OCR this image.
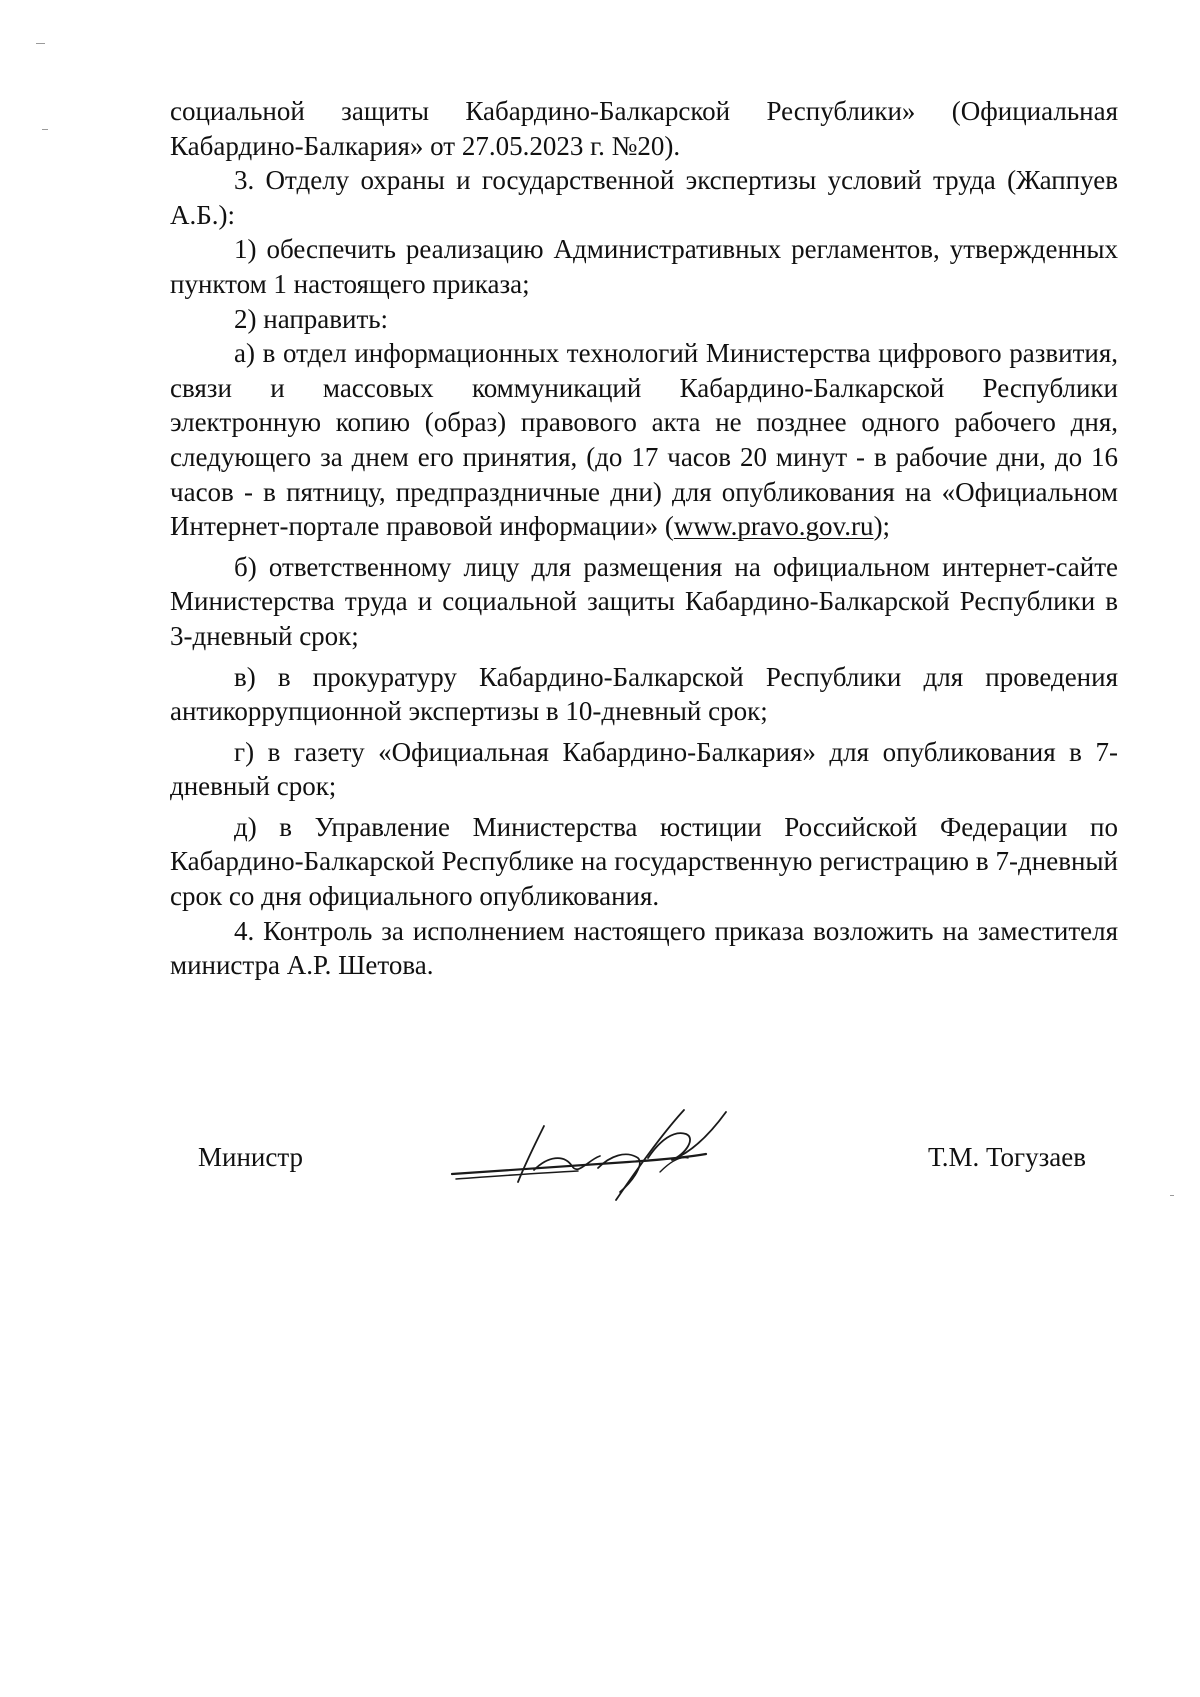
социальной защиты Кабардино-Балкарской Республики» (Официальная Кабардино-Балкария» от 27.05.2023 г. №20).

3. Отделу охраны и государственной экспертизы условий труда (Жаппуев А.Б.):

1) обеспечить реализацию Административных регламентов, утвержденных пунктом 1 настоящего приказа;

2) направить:

а) в отдел информационных технологий Министерства цифрового развития, связи и массовых коммуникаций Кабардино-Балкарской Республики электронную копию (образ) правового акта не позднее одного рабочего дня, следующего за днем его принятия, (до 17 часов 20 минут - в рабочие дни, до 16 часов - в пятницу, предпраздничные дни) для опубликования на «Официальном Интернет-портале правовой информации» (www.pravo.gov.ru);

б) ответственному лицу для размещения на официальном интернет-сайте Министерства труда и социальной защиты Кабардино-Балкарской Республики в 3-дневный срок;

в) в прокуратуру Кабардино-Балкарской Республики для проведения антикоррупционной экспертизы в 10-дневный срок;

г) в газету «Официальная Кабардино-Балкария» для опубликования в 7-дневный срок;

д) в Управление Министерства юстиции Российской Федерации по Кабардино-Балкарской Республике на государственную регистрацию в 7-дневный срок со дня официального опубликования.

4. Контроль за исполнением настоящего приказа возложить на заместителя министра А.Р. Шетова.

Министр	Т.М. Тогузаев
